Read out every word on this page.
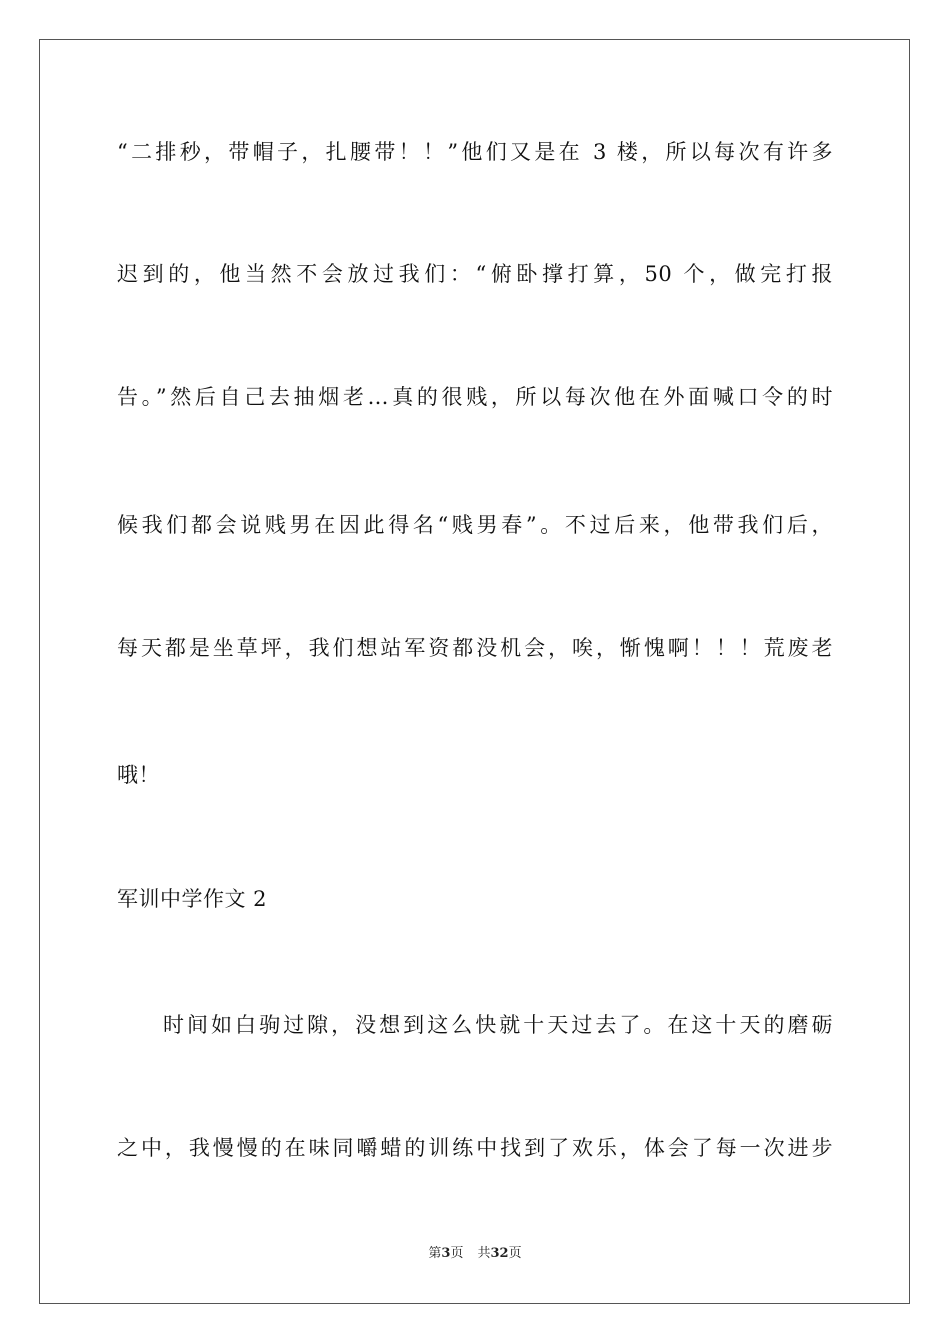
“二排秒，带帽子，扎腰带！！”他们又是在 3 楼，所以每次有许多
迟到的，他当然不会放过我们：“俯卧撑打算，50 个，做完打报
告。”然后自己去抽烟老…真的很贱，所以每次他在外面喊口令的时
候我们都会说贱男在因此得名“贱男春”。不过后来，他带我们后，
每天都是坐草坪，我们想站军资都没机会，唉，惭愧啊！！！荒废老
哦！
军训中学作文 2
时间如白驹过隙，没想到这么快就十天过去了。在这十天的磨砺
之中，我慢慢的在味同嚼蜡的训练中找到了欢乐，体会了每一次进步
第3页 共32页
